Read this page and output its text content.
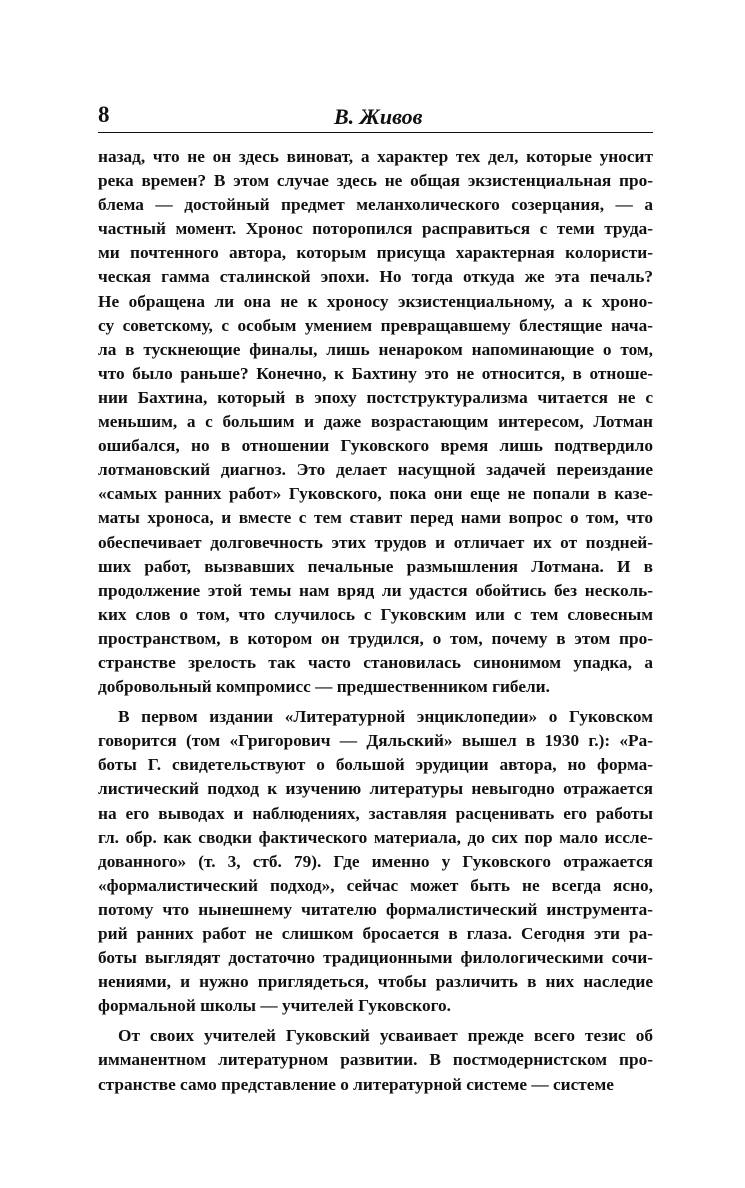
8	В. Живов
назад, что не он здесь виноват, а характер тех дел, которые уносит
река времен? В этом случае здесь не общая экзистенциальная про-
блема — достойный предмет меланхолического созерцания, — а
частный момент. Хронос поторопился расправиться с теми труда-
ми почтенного автора, которым присуща характерная колористи-
ческая гамма сталинской эпохи. Но тогда откуда же эта печаль?
Не обращена ли она не к хроносу экзистенциальному, а к хроно-
су советскому, с особым умением превращавшему блестящие нача-
ла в тускнеющие финалы, лишь ненароком напоминающие о том,
что было раньше? Конечно, к Бахтину это не относится, в отноше-
нии Бахтина, который в эпоху постструктурализма читается не с
меньшим, а с большим и даже возрастающим интересом, Лотман
ошибался, но в отношении Гуковского время лишь подтвердило
лотмановский диагноз. Это делает насущной задачей переиздание
«самых ранних работ» Гуковского, пока они еще не попали в казе-
маты хроноса, и вместе с тем ставит перед нами вопрос о том, что
обеспечивает долговечность этих трудов и отличает их от поздней-
ших работ, вызвавших печальные размышления Лотмана. И в
продолжение этой темы нам вряд ли удастся обойтись без несколь-
ких слов о том, что случилось с Гуковским или с тем словесным
пространством, в котором он трудился, о том, почему в этом про-
странстве зрелость так часто становилась синонимом упадка, а
добровольный компромисс — предшественником гибели.
В первом издании «Литературной энциклопедии» о Гуковском
говорится (том «Григорович — Дяльский» вышел в 1930 г.): «Ра-
боты Г. свидетельствуют о большой эрудиции автора, но форма-
листический подход к изучению литературы невыгодно отражается
на его выводах и наблюдениях, заставляя расценивать его работы
гл. обр. как сводки фактического материала, до сих пор мало иссле-
дованного» (т. 3, стб. 79). Где именно у Гуковского отражается
«формалистический подход», сейчас может быть не всегда ясно,
потому что нынешнему читателю формалистический инструмента-
рий ранних работ не слишком бросается в глаза. Сегодня эти ра-
боты выглядят достаточно традиционными филологическими сочи-
нениями, и нужно приглядеться, чтобы различить в них наследие
формальной школы — учителей Гуковского.
От своих учителей Гуковский усваивает прежде всего тезис об
имманентном литературном развитии. В постмодернистском про-
странстве само представление о литературной системе — системе
